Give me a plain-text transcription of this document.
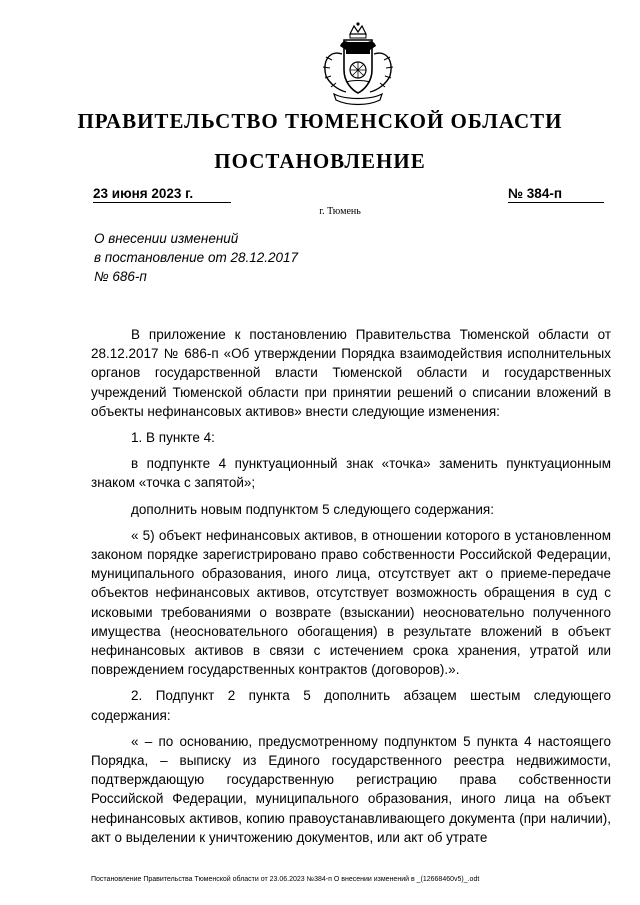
ПРАВИТЕЛЬСТВО ТЮМЕНСКОЙ ОБЛАСТИ
ПОСТАНОВЛЕНИЕ
23 июня 2023 г.	№ 384-п
г. Тюмень
О внесении изменений
в постановление от 28.12.2017
№ 686-п

В приложение к постановлению Правительства Тюменской области от 28.12.2017 № 686-п «Об утверждении Порядка взаимодействия исполнительных органов государственной власти Тюменской области и государственных учреждений Тюменской области при принятии решений о списании вложений в объекты нефинансовых активов» внести следующие изменения:

1. В пункте 4:

в подпункте 4 пунктуационный знак «точка» заменить пунктуационным знаком «точка с запятой»;

дополнить новым подпунктом 5 следующего содержания:

« 5) объект нефинансовых активов, в отношении которого в установленном законом порядке зарегистрировано право собственности Российской Федерации, муниципального образования, иного лица, отсутствует акт о приеме-передаче объектов нефинансовых активов, отсутствует возможность обращения в суд с исковыми требованиями о возврате (взыскании) неосновательно полученного имущества (неосновательного обогащения) в результате вложений в объект нефинансовых активов в связи с истечением срока хранения, утратой или повреждением государственных контрактов (договоров).».

2. Подпункт 2 пункта 5 дополнить абзацем шестым следующего содержания:

« – по основанию, предусмотренному подпунктом 5 пункта 4 настоящего Порядка, – выписку из Единого государственного реестра недвижимости, подтверждающую государственную регистрацию права собственности Российской Федерации, муниципального образования, иного лица на объект нефинансовых активов, копию правоустанавливающего документа (при наличии), акт о выделении к уничтожению документов, или акт об утрате

Постановление Правительства Тюменской области от 23.06.2023 №384-п О внесении изменений в _(12668460v5)_.odt
